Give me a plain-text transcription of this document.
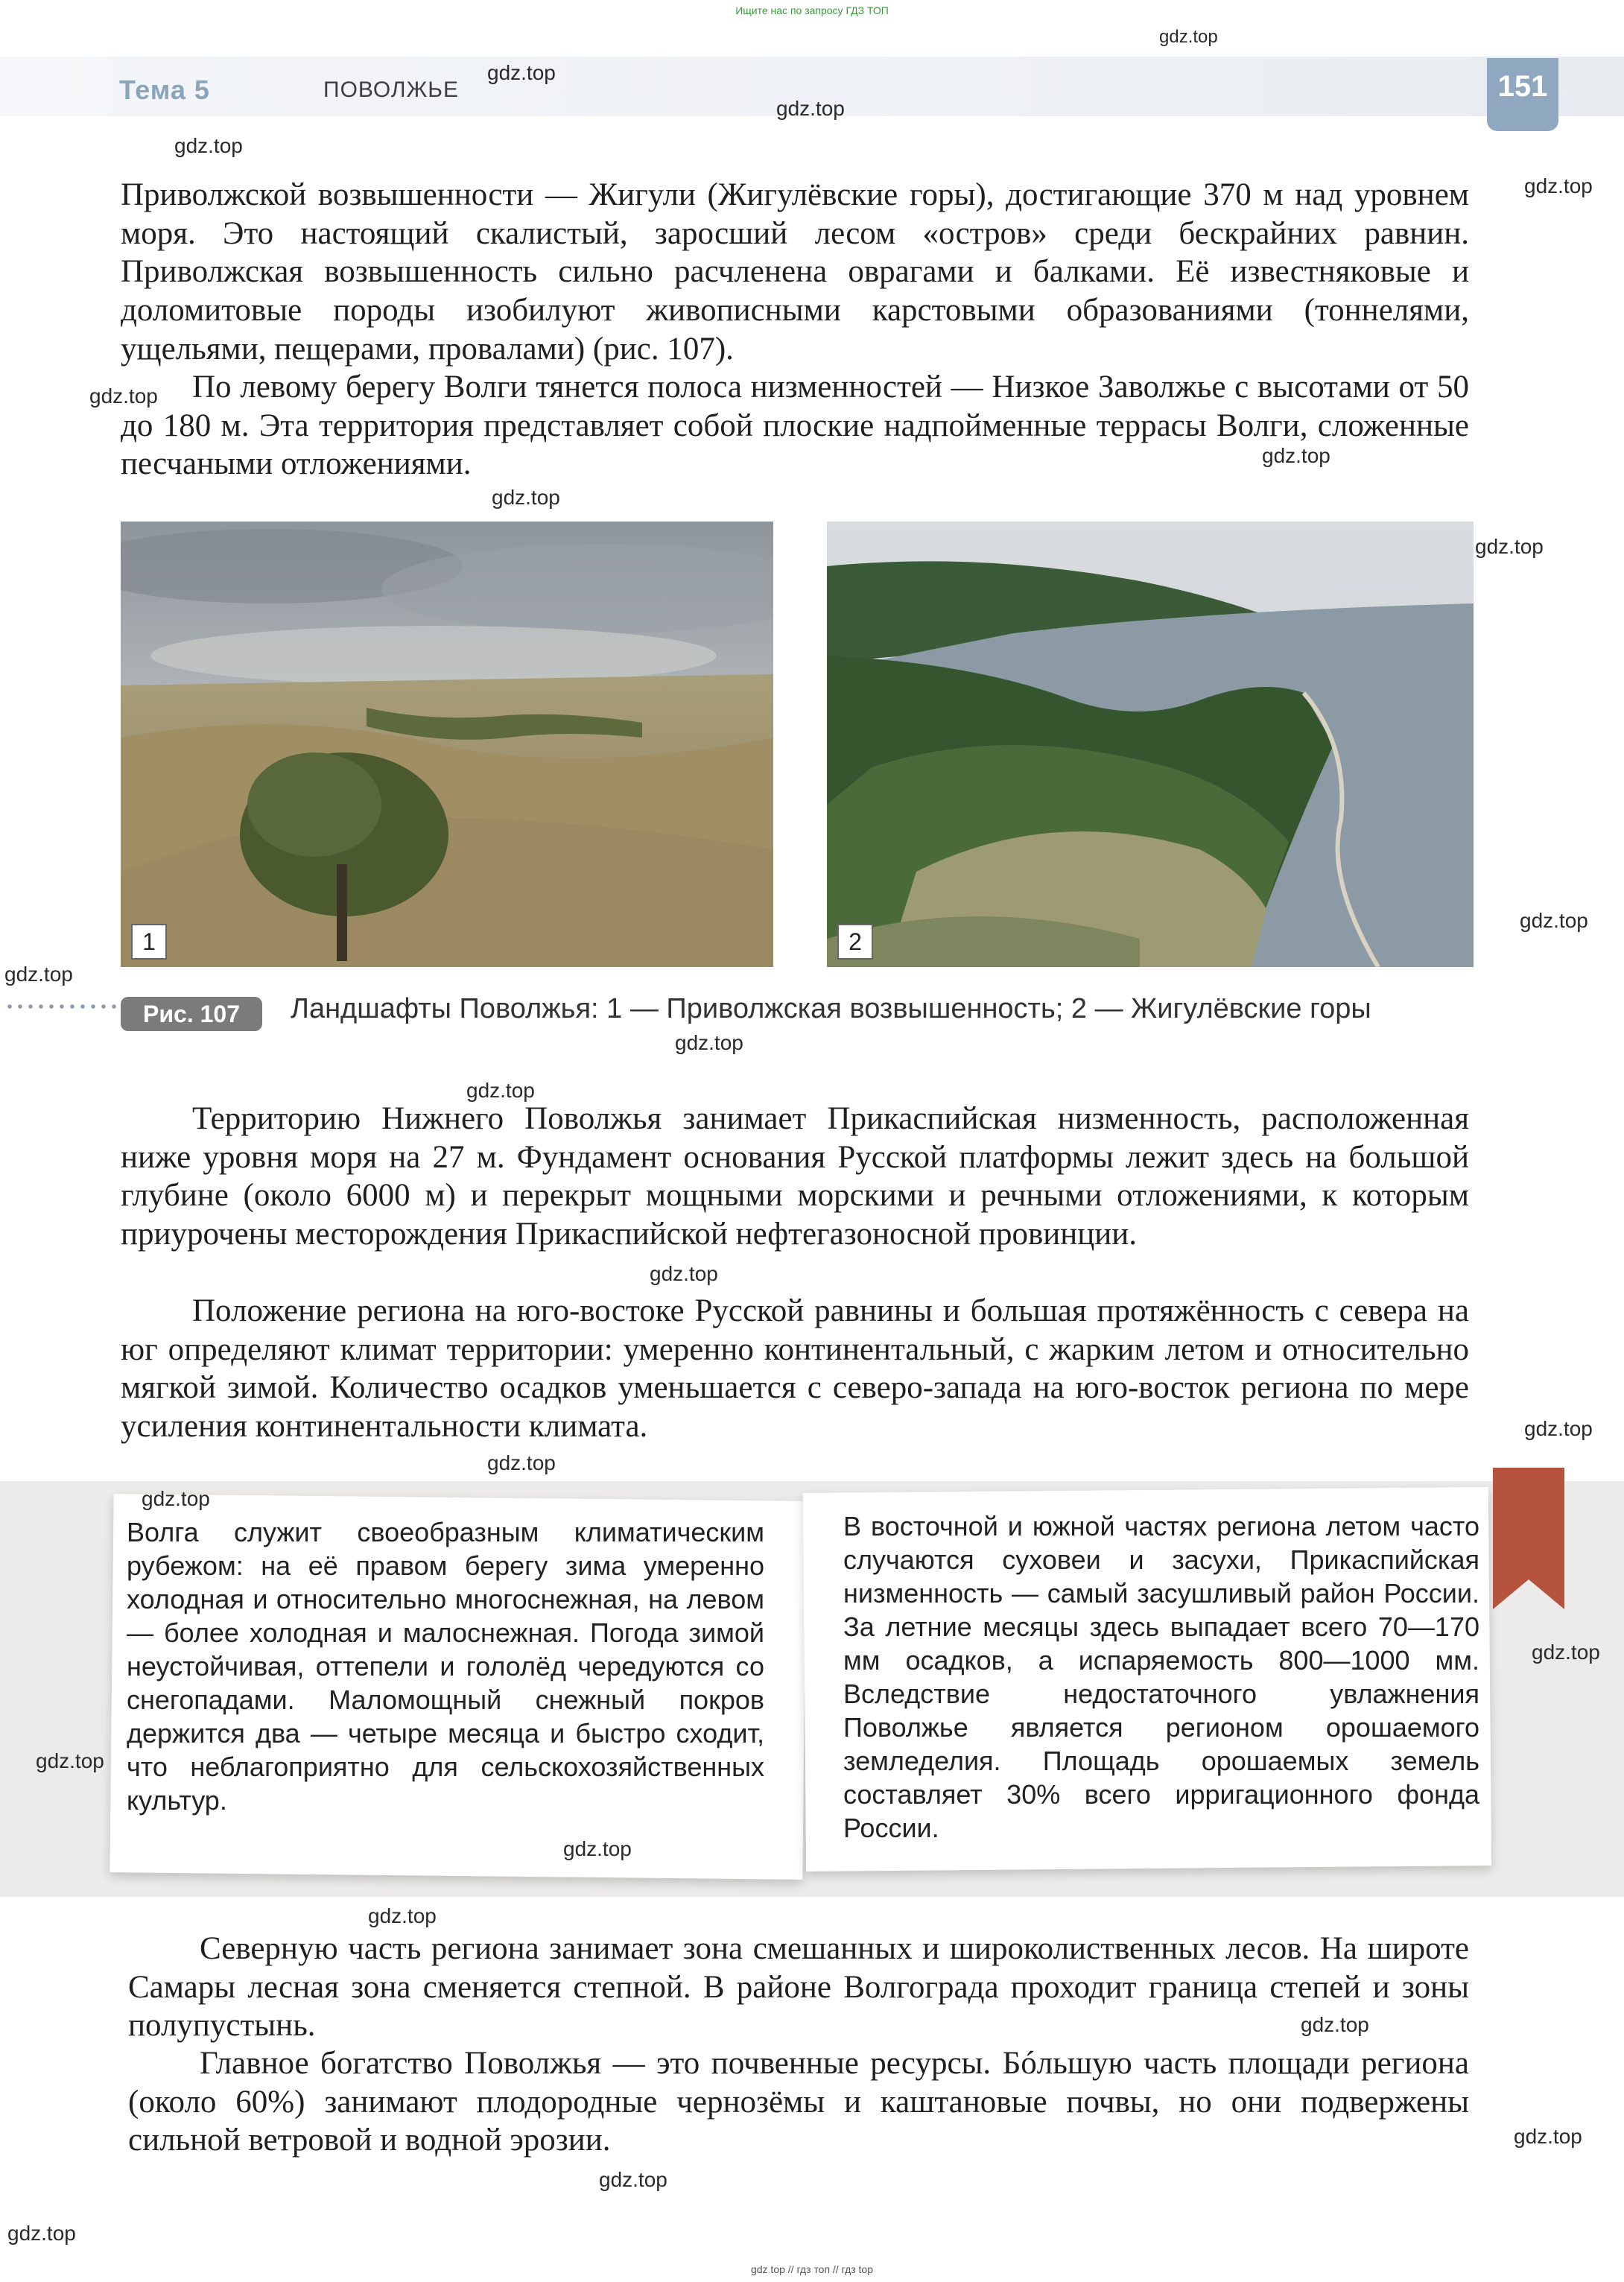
Ищите нас по запросу ГДЗ ТОП
Тема 5	ПОВОЛЖЬЕ	151

Приволжской возвышенности — Жигули (Жигулёвские горы), достигающие 370 м над уровнем моря. Это настоящий скалистый, заросший лесом «остров» среди бескрайних равнин. Приволжская возвышенность сильно расчленена оврагами и балками. Её известняковые и доломитовые породы изобилуют живописными карстовыми образованиями (тоннелями, ущельями, пещерами, провалами) (рис. 107).

По левому берегу Волги тянется полоса низменностей — Низкое Заволжье с высотами от 50 до 180 м. Эта территория представляет собой плоские надпойменные террасы Волги, сложенные песчаными отложениями.

1	2
Рис. 107	Ландшафты Поволжья: 1 — Приволжская возвышенность; 2 — Жигулёвские горы

Территорию Нижнего Поволжья занимает Прикаспийская низменность, расположенная ниже уровня моря на 27 м. Фундамент основания Русской платформы лежит здесь на большой глубине (около 6000 м) и перекрыт мощными морскими и речными отложениями, к которым приурочены месторождения Прикаспийской нефтегазоносной провинции.

Положение региона на юго-востоке Русской равнины и большая протяжённость с севера на юг определяют климат территории: умеренно континентальный, с жарким летом и относительно мягкой зимой. Количество осадков уменьшается с северо-запада на юго-восток региона по мере усиления континентальности климата.

Волга служит своеобразным климатическим рубежом: на её правом берегу зима умеренно холодная и относительно многоснежная, на левом — более холодная и малоснежная. Погода зимой неустойчивая, оттепели и гололёд чередуются со снегопадами. Маломощный снежный покров держится два — четыре месяца и быстро сходит, что неблагоприятно для сельскохозяйственных культур.

В восточной и южной частях региона летом часто случаются суховеи и засухи, Прикаспийская низменность — самый засушливый район России. За летние месяцы здесь выпадает всего 70—170 мм осадков, а испаряемость 800—1000 мм. Вследствие недостаточного увлажнения Поволжье является регионом орошаемого земледелия. Площадь орошаемых земель составляет 30% всего ирригационного фонда России.

Северную часть региона занимает зона смешанных и широколиственных лесов. На широте Самары лесная зона сменяется степной. В районе Волгограда проходит граница степей и зоны полупустынь.

Главное богатство Поволжья — это почвенные ресурсы. Бóльшую часть площади региона (около 60%) занимают плодородные чернозёмы и каштановые почвы, но они подвержены сильной ветровой и водной эрозии.

gdz.top
gdz.top
gdz.top
gdz.top
gdz.top
gdz.top
gdz.top
gdz.top
gdz.top
gdz.top
gdz.top
gdz.top
gdz.top
gdz.top
gdz.top
gdz.top
gdz.top
gdz.top
gdz.top
gdz.top
gdz.top
gdz.top
gdz.top
gdz.top
gdz.top
gdz top // гдз топ // гдз top
